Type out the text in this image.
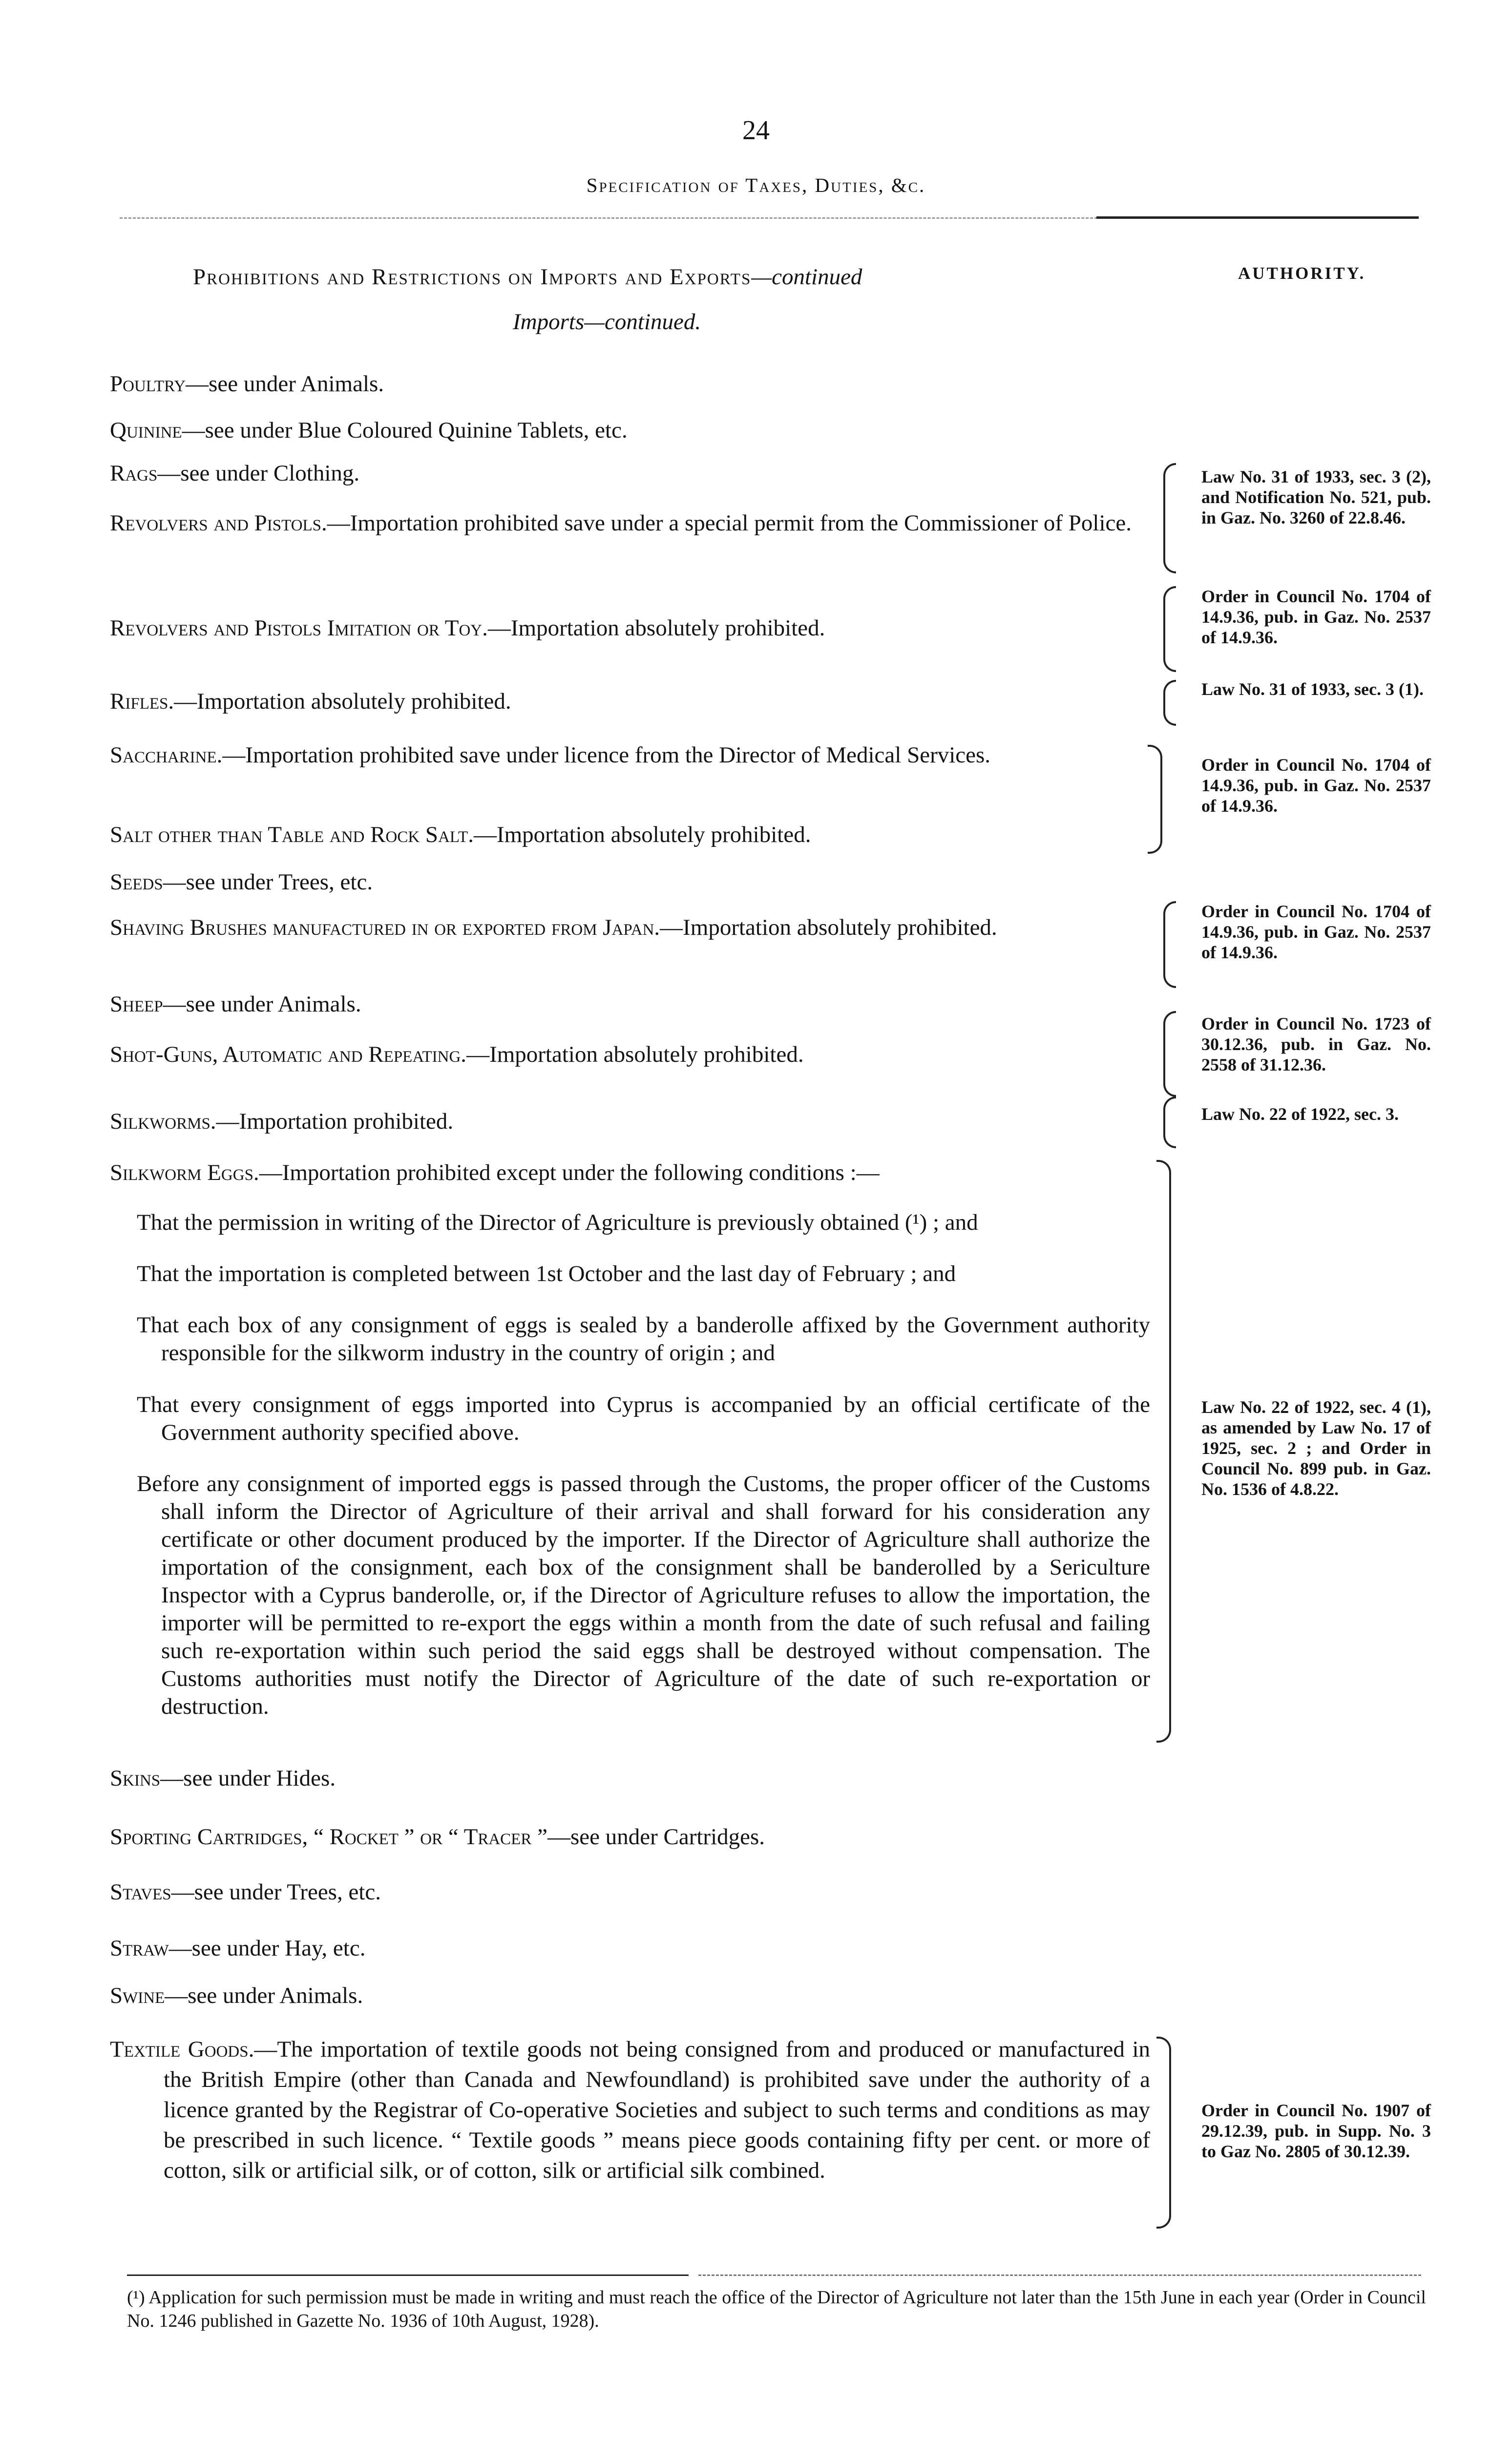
24
Specification of Taxes, Duties, &c.
Prohibitions and Restrictions on Imports and Exports—continued
Imports—continued.
AUTHORITY.
Poultry—see under Animals.
Quinine—see under Blue Coloured Quinine Tablets, etc.
Rags—see under Clothing.
Revolvers and Pistols.—Importation prohibited save under a special permit from the Commissioner of Police.
Revolvers and Pistols Imitation or Toy.—Importation absolutely prohibited.
Rifles.—Importation absolutely prohibited.
Saccharine.—Importation prohibited save under licence from the Director of Medical Services.
Salt other than Table and Rock Salt.—Importation absolutely prohibited.
Seeds—see under Trees, etc.
Shaving Brushes manufactured in or exported from Japan.—Importation absolutely prohibited.
Sheep—see under Animals.
Shot-Guns, Automatic and Repeating.—Importation absolutely prohibited.
Silkworms.—Importation prohibited.
Silkworm Eggs.—Importation prohibited except under the following conditions :—
That the permission in writing of the Director of Agriculture is previously obtained (¹) ; and
That the importation is completed between 1st October and the last day of February ; and
That each box of any consignment of eggs is sealed by a banderolle affixed by the Government authority responsible for the silkworm industry in the country of origin ; and
That every consignment of eggs imported into Cyprus is accompanied by an official certificate of the Government authority specified above.
Before any consignment of imported eggs is passed through the Customs, the proper officer of the Customs shall inform the Director of Agriculture of their arrival and shall forward for his consideration any certificate or other document produced by the importer. If the Director of Agriculture shall authorize the importation of the consignment, each box of the consignment shall be banderolled by a Sericulture Inspector with a Cyprus banderolle, or, if the Director of Agriculture refuses to allow the importation, the importer will be permitted to re-export the eggs within a month from the date of such refusal and failing such re-exportation within such period the said eggs shall be destroyed without compensation. The Customs authorities must notify the Director of Agriculture of the date of such re-exportation or destruction.
Skins—see under Hides.
Sporting Cartridges, “ Rocket ” or “ Tracer ”—see under Cartridges.
Staves—see under Trees, etc.
Straw—see under Hay, etc.
Swine—see under Animals.
Textile Goods.—The importation of textile goods not being consigned from and produced or manufactured in the British Empire (other than Canada and Newfoundland) is prohibited save under the authority of a licence granted by the Registrar of Co-operative Societies and subject to such terms and conditions as may be prescribed in such licence. “ Textile goods ” means piece goods containing fifty per cent. or more of cotton, silk or artificial silk, or of cotton, silk or artificial silk combined.
Law No. 31 of 1933, sec. 3 (2), and Notification No. 521, pub. in Gaz. No. 3260 of 22.8.46.
Order in Council No. 1704 of 14.9.36, pub. in Gaz. No. 2537 of 14.9.36.
Law No. 31 of 1933, sec. 3 (1).
Order in Council No. 1704 of 14.9.36, pub. in Gaz. No. 2537 of 14.9.36.
Order in Council No. 1704 of 14.9.36, pub. in Gaz. No. 2537 of 14.9.36.
Order in Council No. 1723 of 30.12.36, pub. in Gaz. No. 2558 of 31.12.36.
Law No. 22 of 1922, sec. 3.
Law No. 22 of 1922, sec. 4 (1), as amended by Law No. 17 of 1925, sec. 2 ; and Order in Council No. 899 pub. in Gaz. No. 1536 of 4.8.22.
Order in Council No. 1907 of 29.12.39, pub. in Supp. No. 3 to Gaz No. 2805 of 30.12.39.
(¹) Application for such permission must be made in writing and must reach the office of the Director of Agriculture not later than the 15th June in each year (Order in Council No. 1246 published in Gazette No. 1936 of 10th August, 1928).
